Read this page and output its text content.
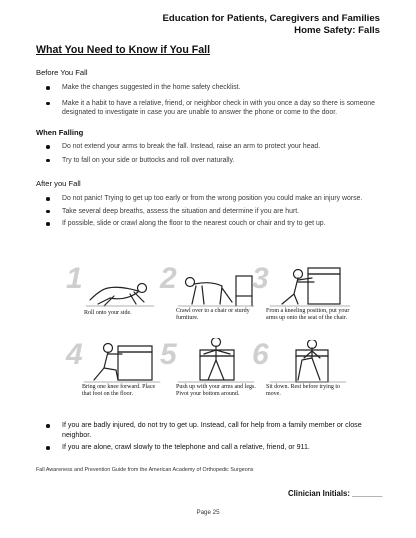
Education for Patients, Caregivers and Families
Home Safety: Falls
What You Need to Know if You Fall
Before You Fall
Make the changes suggested in the home safety checklist.
Make it a habit to have a relative, friend, or neighbor check in with you once a day so there is someone designated to investigate in case you are unable to answer the phone or come to the door.
When Falling
Do not extend your arms to break the fall. Instead, raise an arm to protect your head.
Try to fall on your side or buttocks and roll over naturally.
After you Fall
Do not panic! Trying to get up too early or from the wrong position you could make an injury worse.
Take several deep breaths, assess the situation and determine if you are hurt.
If possible, slide or crawl along the floor to the nearest couch or chair and try to get up.
1
Roll onto your side.
2
Crawl over to a chair or sturdy furniture.
3
From a kneeling position, put your arms up onto the seat of the chair.
4
Bring one knee forward. Place that foot on the floor.
5
Push up with your arms and legs. Pivot your bottom around.
6
Sit down. Rest before trying to move.
If you are badly injured, do not try to get up. Instead, call for help from a family member or close neighbor.
If you are alone, crawl slowly to the telephone and call a relative, friend, or 911.
Fall Awareness and Prevention Guide from the American Academy of Orthopedic Surgeons
Clinician Initials: _______
Page 25
